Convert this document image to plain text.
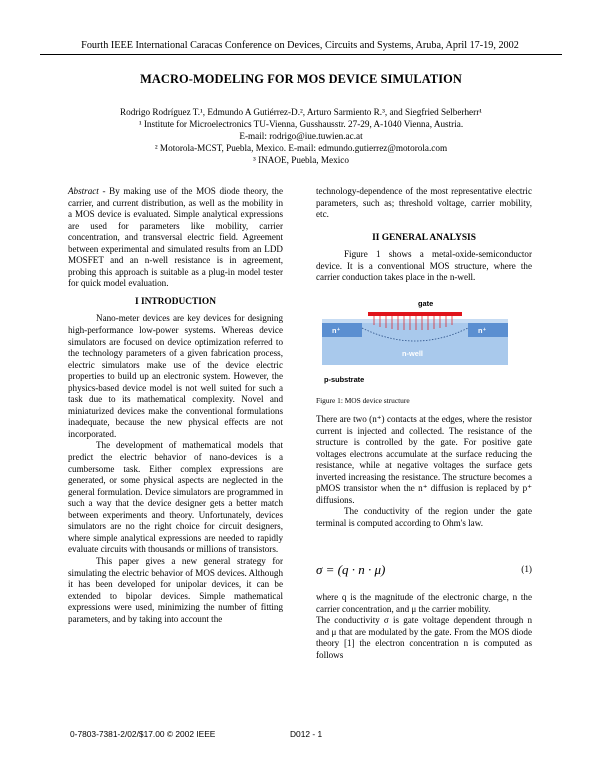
Fourth IEEE International Caracas Conference on Devices, Circuits and Systems, Aruba, April 17-19, 2002
MACRO-MODELING FOR MOS DEVICE SIMULATION
Rodrigo Rodríguez T.¹, Edmundo A Gutiérrez-D.², Arturo Sarmiento R.³, and Siegfried Selberherr¹
¹ Institute for Microelectronics TU-Vienna, Gusshausstr. 27-29, A-1040 Vienna, Austria.
E-mail: rodrigo@iue.tuwien.ac.at
² Motorola-MCST, Puebla, Mexico. E-mail: edmundo.gutierrez@motorola.com
³ INAOE, Puebla, Mexico

Abstract - By making use of the MOS diode theory, the carrier, and current distribution, as well as the mobility in a MOS device is evaluated. Simple analytical expressions are used for parameters like mobility, carrier concentration, and transversal electric field. Agreement between experimental and simulated results from an LDD MOSFET and an n-well resistance is in agreement, probing this approach is suitable as a plug-in model tester for quick model evaluation.

I INTRODUCTION

Nano-meter devices are key devices for designing high-performance low-power systems. Whereas device simulators are focused on device optimization referred to the technology parameters of a given fabrication process, electric simulators make use of the device electric properties to build up an electronic system. However, the physics-based device model is not well suited for such a task due to its mathematical complexity. Novel and miniaturized devices make the conventional formulations inadequate, because the new physical effects are not incorporated.

The development of mathematical models that predict the electric behavior of nano-devices is a cumbersome task. Either complex expressions are generated, or some physical aspects are neglected in the general formulation. Device simulators are programmed in such a way that the device designer gets a better match between experiments and theory. Unfortunately, devices simulators are no the right choice for circuit designers, where simple analytical expressions are needed to rapidly evaluate circuits with thousands or millions of transistors.

This paper gives a new general strategy for simulating the electric behavior of MOS devices. Although it has been developed for unipolar devices, it can be extended to bipolar devices. Simple mathematical expressions were used, minimizing the number of fitting parameters, and by taking into account the

technology-dependence of the most representative electric parameters, such as; threshold voltage, carrier mobility, etc.

II GENERAL ANALYSIS

Figure 1 shows a metal-oxide-semiconductor device. It is a conventional MOS structure, where the carrier conduction takes place in the n-well.

gate
n⁺	n⁺
n-well
p-substrate
Figure 1: MOS device structure

There are two (n⁺) contacts at the edges, where the resistor current is injected and collected. The resistance of the structure is controlled by the gate. For positive gate voltages electrons accumulate at the surface reducing the resistance, while at negative voltages the surface gets inverted increasing the resistance. The structure becomes a pMOS transistor when the n⁺ diffusion is replaced by p⁺ diffusions.

The conductivity of the region under the gate terminal is computed according to Ohm's law.

σ = (q · n · μ)	(1)

where q is the magnitude of the electronic charge, n the carrier concentration, and μ the carrier mobility.

The conductivity σ is gate voltage dependent through n and μ that are modulated by the gate. From the MOS diode theory [1] the electron concentration n is computed as follows

0-7803-7381-2/02/$17.00 © 2002 IEEE	D012 - 1
